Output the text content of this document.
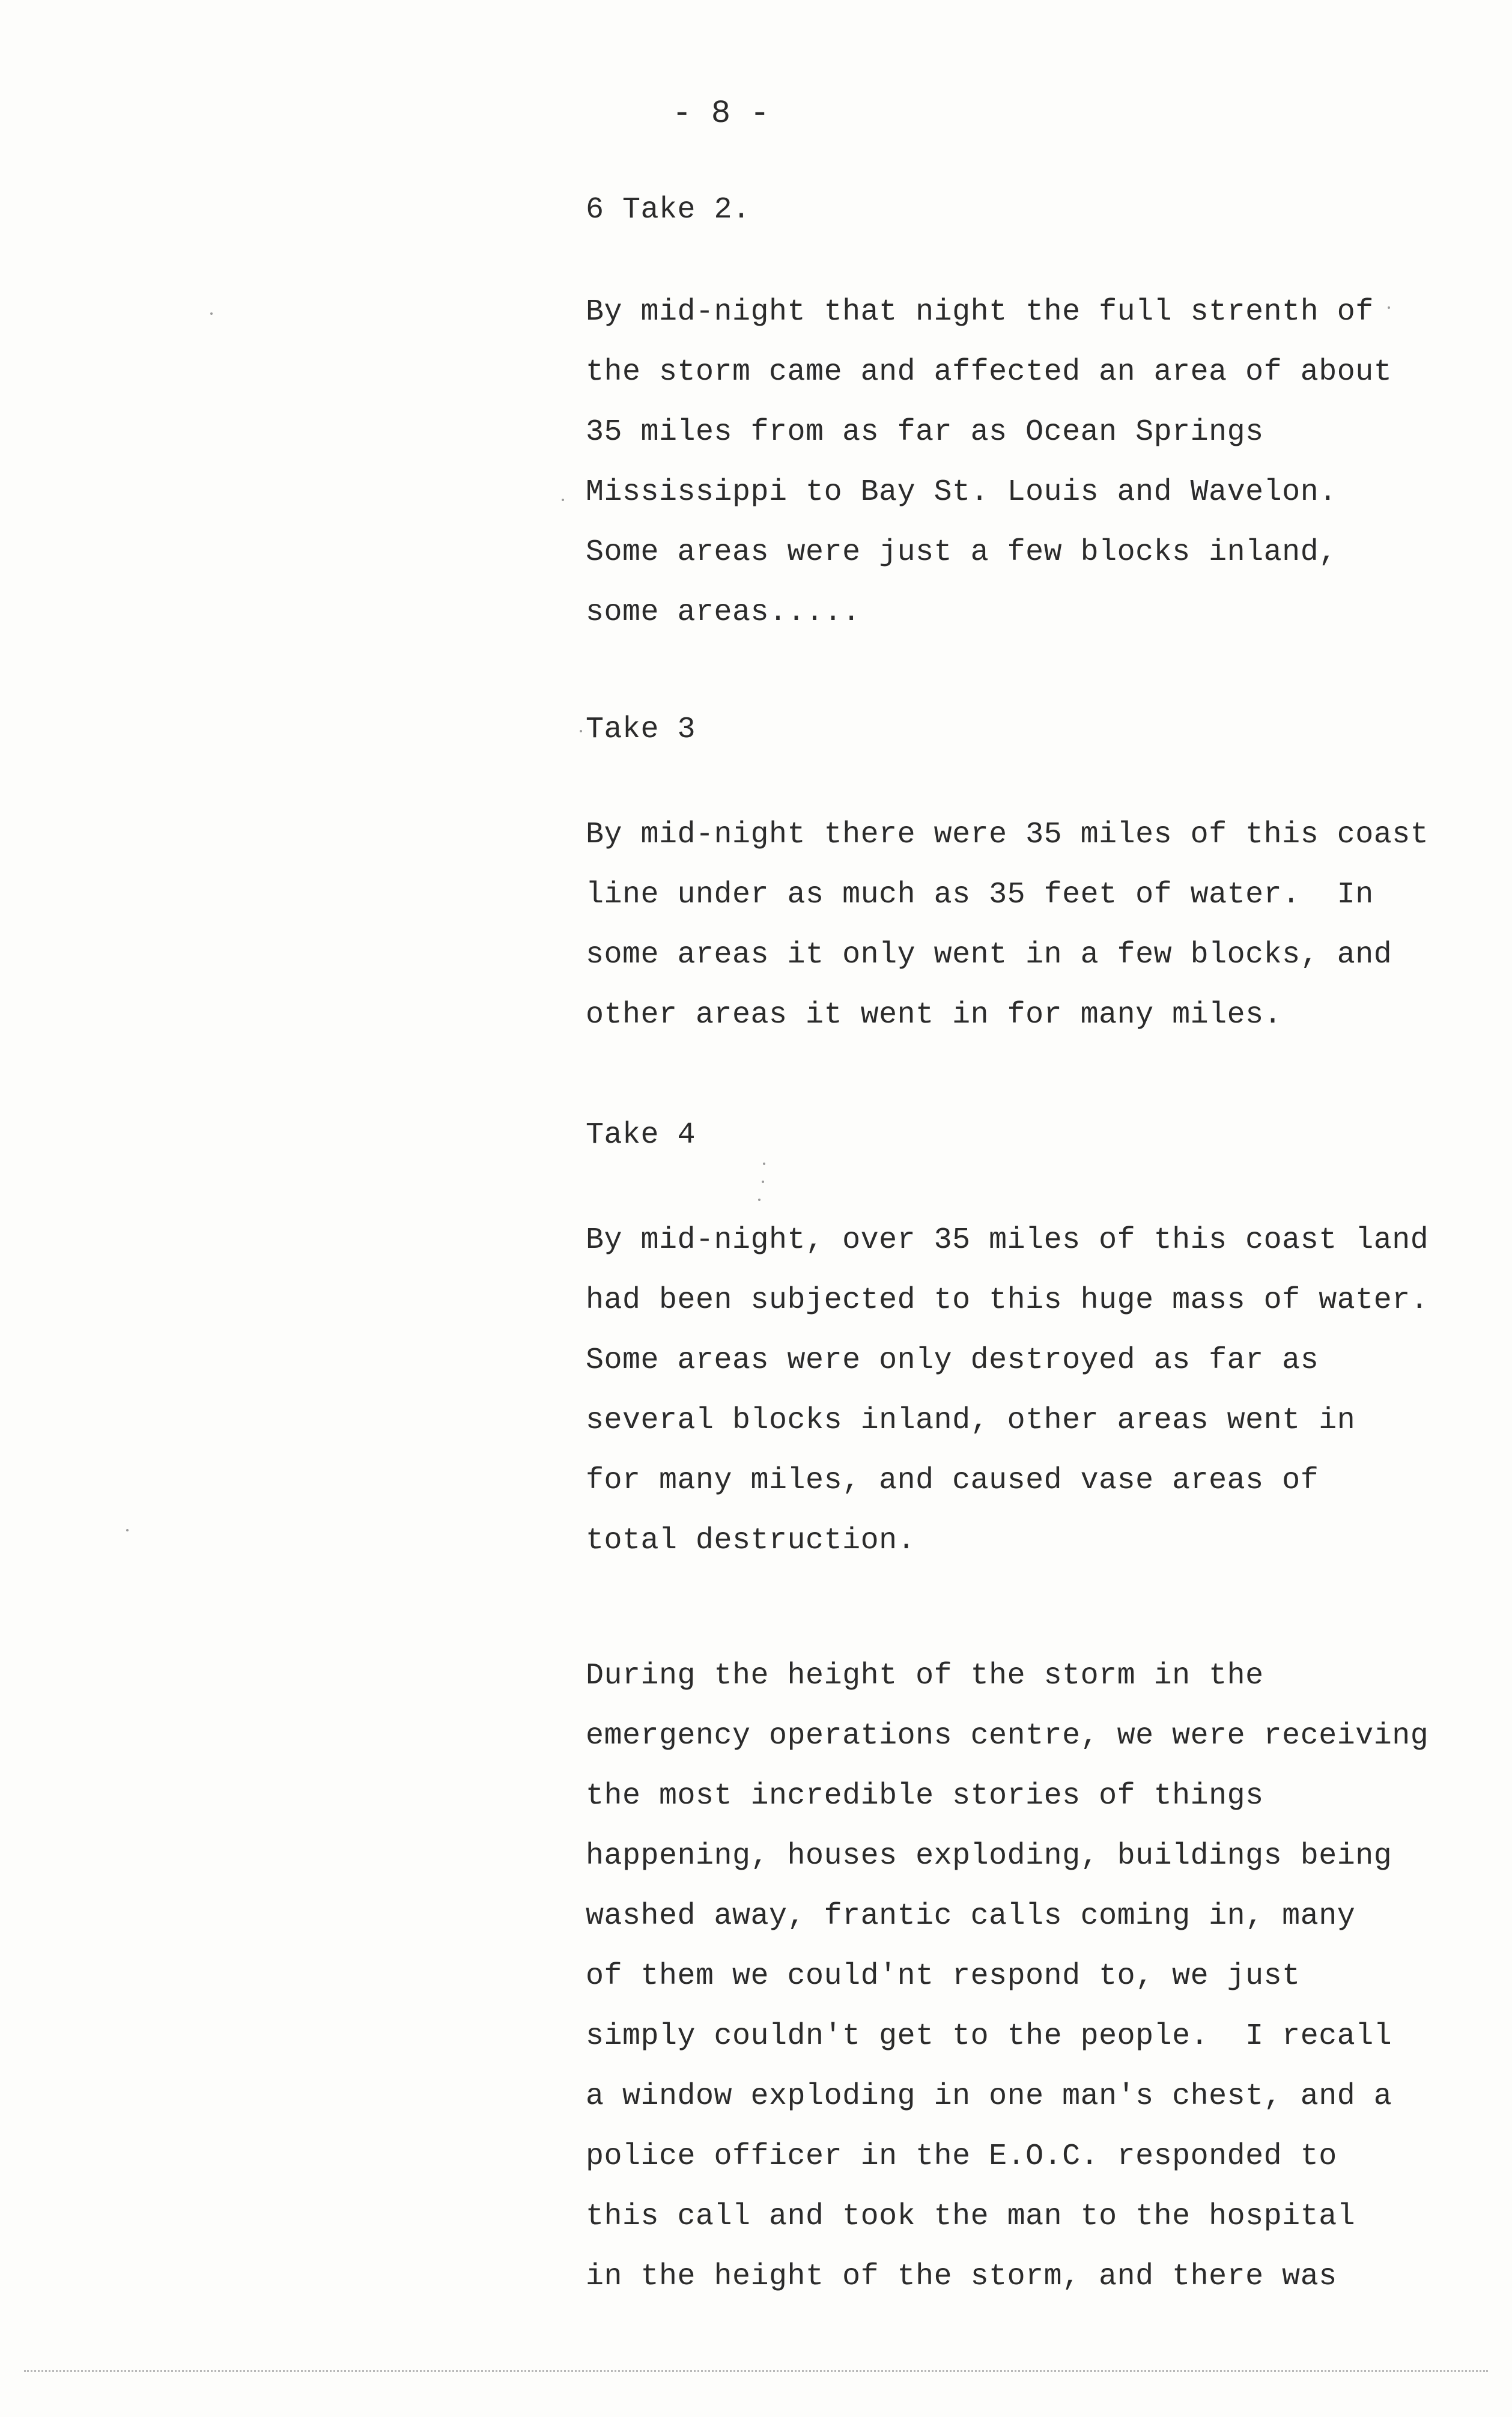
- 8 -
6 Take 2.
By mid-night that night the full strenth of
the storm came and affected an area of about
35 miles from as far as Ocean Springs
Mississippi to Bay St. Louis and Wavelon.
Some areas were just a few blocks inland,
some areas.....
Take 3
By mid-night there were 35 miles of this coast
line under as much as 35 feet of water.  In
some areas it only went in a few blocks, and
other areas it went in for many miles.
Take 4
By mid-night, over 35 miles of this coast land
had been subjected to this huge mass of water.
Some areas were only destroyed as far as
several blocks inland, other areas went in
for many miles, and caused vase areas of
total destruction.
During the height of the storm in the
emergency operations centre, we were receiving
the most incredible stories of things
happening, houses exploding, buildings being
washed away, frantic calls coming in, many
of them we could'nt respond to, we just
simply couldn't get to the people.  I recall
a window exploding in one man's chest, and a
police officer in the E.O.C. responded to
this call and took the man to the hospital
in the height of the storm, and there was
